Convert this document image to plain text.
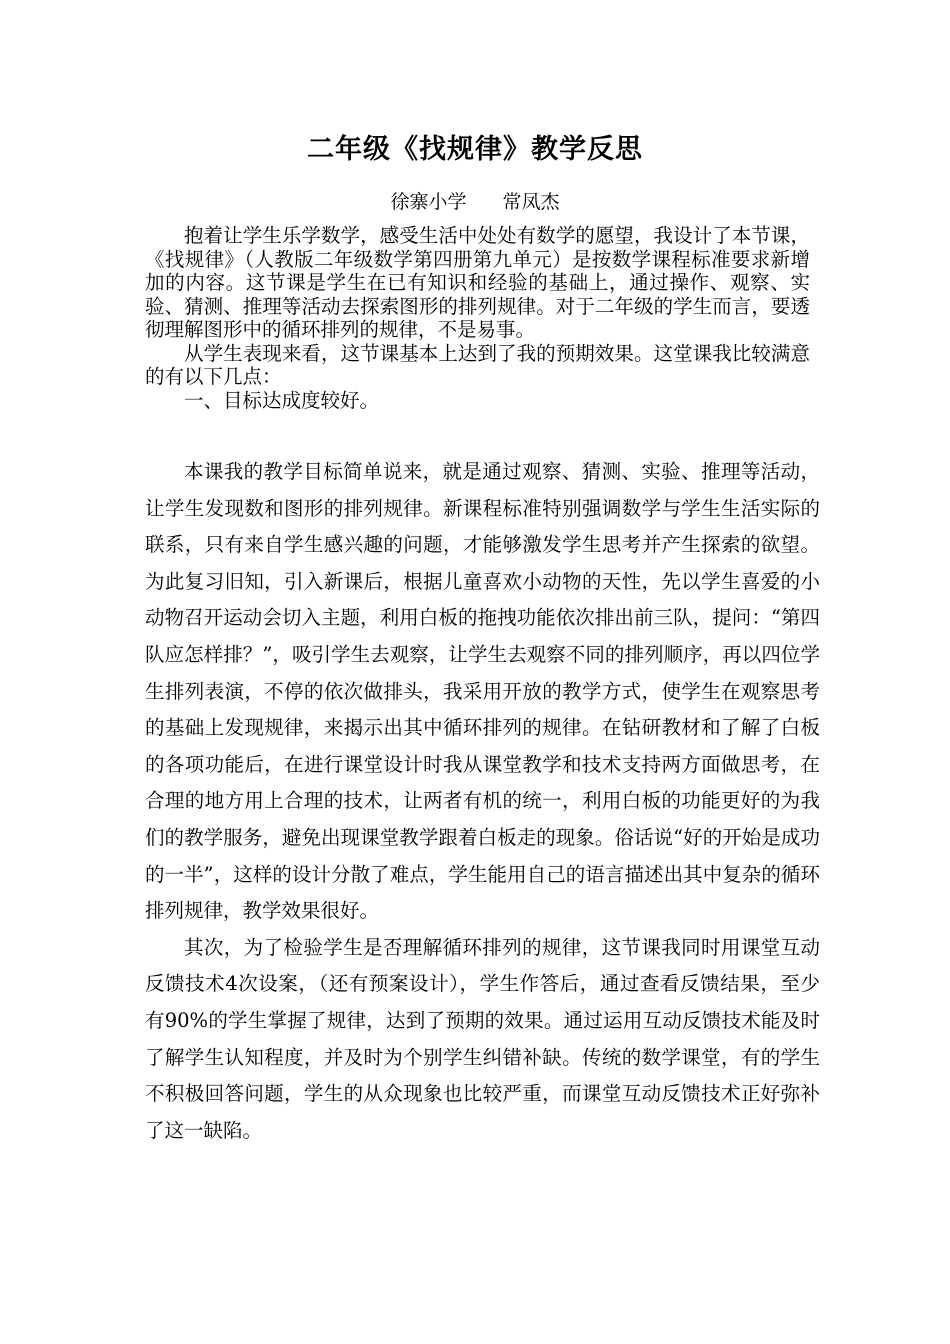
二年级《找规律》教学反思
徐寨小学 常凤杰

抱着让学生乐学数学，感受生活中处处有数学的愿望，我设计了本节课，《找规律》（人教版二年级数学第四册第九单元）是按数学课程标准要求新增加的内容。这节课是学生在已有知识和经验的基础上，通过操作、观察、实验、猜测、推理等活动去探索图形的排列规律。对于二年级的学生而言，要透彻理解图形中的循环排列的规律，不是易事。

从学生表现来看，这节课基本上达到了我的预期效果。这堂课我比较满意的有以下几点：

一、目标达成度较好。

本课我的教学目标简单说来，就是通过观察、猜测、实验、推理等活动，让学生发现数和图形的排列规律。新课程标准特别强调数学与学生生活实际的联系，只有来自学生感兴趣的问题，才能够激发学生思考并产生探索的欲望。为此复习旧知，引入新课后，根据儿童喜欢小动物的天性，先以学生喜爱的小动物召开运动会切入主题，利用白板的拖拽功能依次排出前三队，提问：“第四队应怎样排？”，吸引学生去观察，让学生去观察不同的排列顺序，再以四位学生排列表演，不停的依次做排头，我采用开放的教学方式，使学生在观察思考的基础上发现规律，来揭示出其中循环排列的规律。在钻研教材和了解了白板的各项功能后，在进行课堂设计时我从课堂教学和技术支持两方面做思考，在合理的地方用上合理的技术，让两者有机的统一，利用白板的功能更好的为我们的教学服务，避免出现课堂教学跟着白板走的现象。俗话说“好的开始是成功的一半”，这样的设计分散了难点，学生能用自己的语言描述出其中复杂的循环排列规律，教学效果很好。

其次，为了检验学生是否理解循环排列的规律，这节课我同时用课堂互动反馈技术4次设案，（还有预案设计），学生作答后，通过查看反馈结果，至少有90%的学生掌握了规律，达到了预期的效果。通过运用互动反馈技术能及时了解学生认知程度，并及时为个别学生纠错补缺。传统的数学课堂，有的学生不积极回答问题，学生的从众现象也比较严重，而课堂互动反馈技术正好弥补了这一缺陷。
